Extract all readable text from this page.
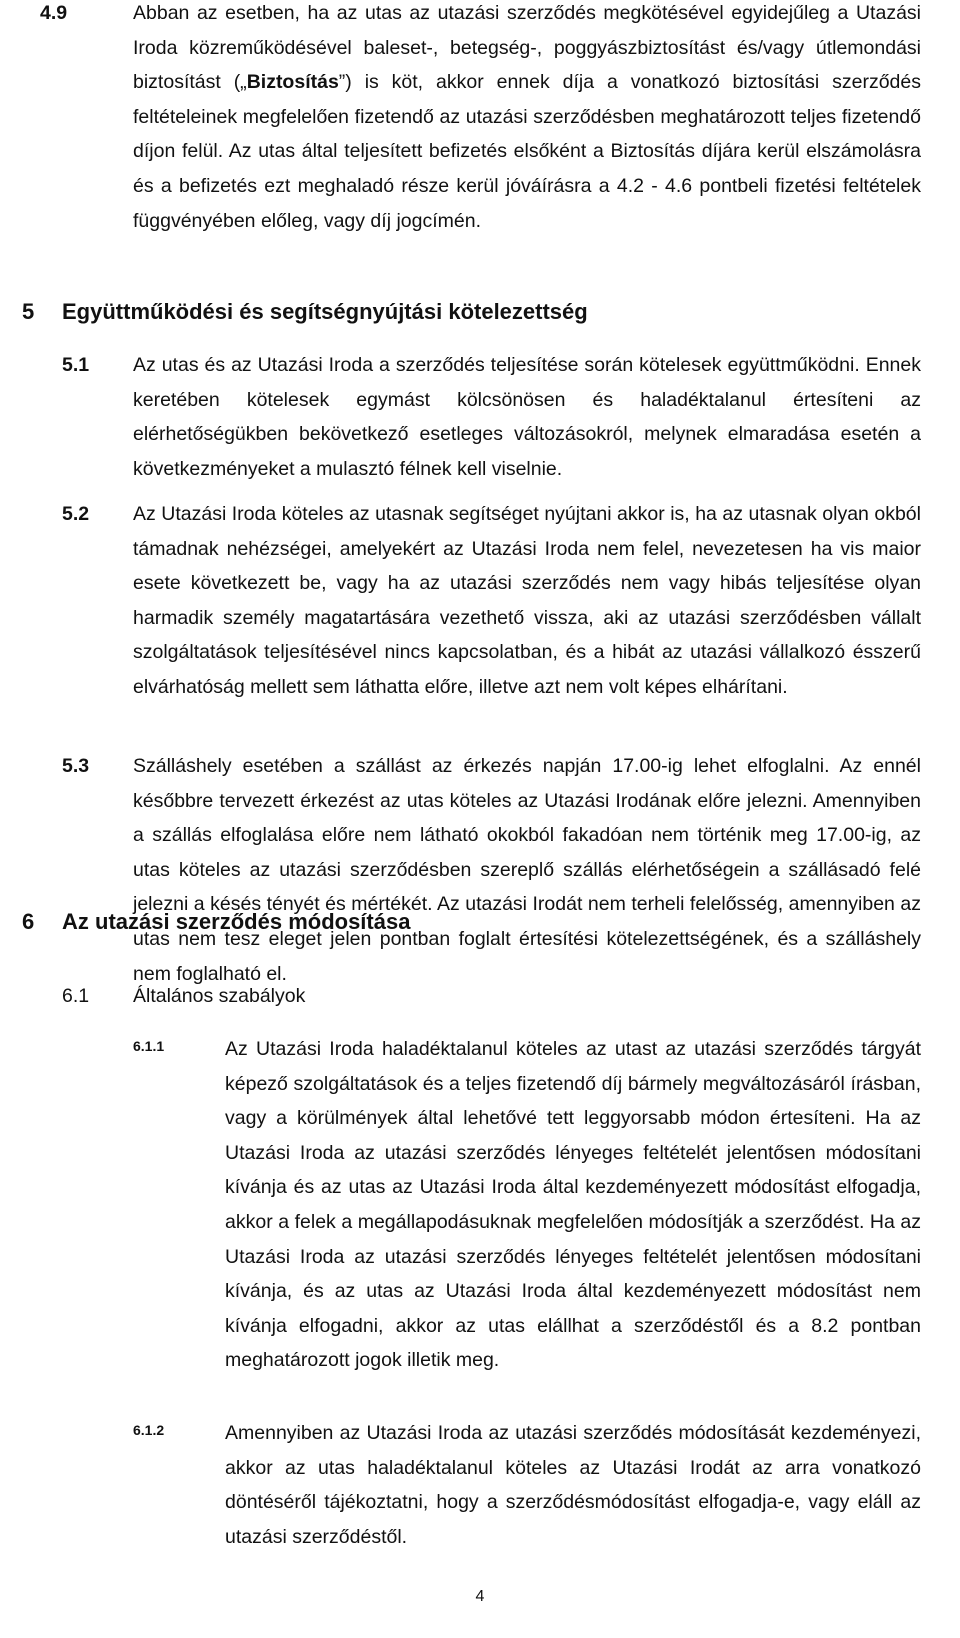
4.9	Abban az esetben, ha az utas az utazási szerződés megkötésével egyidejűleg a Utazási Iroda közreműködésével baleset-, betegség-, poggyászbiztosítást és/vagy útlemondási biztosítást („Biztosítás”) is köt, akkor ennek díja a vonatkozó biztosítási szerződés feltételeinek megfelelően fizetendő az utazási szerződésben meghatározott teljes fizetendő díjon felül. Az utas által teljesített befizetés elsőként a Biztosítás díjára kerül elszámolásra és a befizetés ezt meghaladó része kerül jóváírásra a 4.2 - 4.6 pontbeli fizetési feltételek függvényében előleg, vagy díj jogcímén.
5 Együttműködési és segítségnyújtási kötelezettség
5.1 Az utas és az Utazási Iroda a szerződés teljesítése során kötelesek együttműködni. Ennek keretében kötelesek egymást kölcsönösen és haladéktalanul értesíteni az elérhetőségükben bekövetkező esetleges változásokról, melynek elmaradása esetén a következményeket a mulasztó félnek kell viselnie.
5.2 Az Utazási Iroda köteles az utasnak segítséget nyújtani akkor is, ha az utasnak olyan okból támadnak nehézségei, amelyekért az Utazási Iroda nem felel, nevezetesen ha vis maior esete következett be, vagy ha az utazási szerződés nem vagy hibás teljesítése olyan harmadik személy magatartására vezethető vissza, aki az utazási szerződésben vállalt szolgáltatások teljesítésével nincs kapcsolatban, és a hibát az utazási vállalkozó ésszerű elvárhatóság mellett sem láthatta előre, illetve azt nem volt képes elhárítani.
5.3 Szálláshely esetében a szállást az érkezés napján 17.00-ig lehet elfoglalni. Az ennél későbbre tervezett érkezést az utas köteles az Utazási Irodának előre jelezni. Amennyiben a szállás elfoglalása előre nem látható okokból fakadóan nem történik meg 17.00-ig, az utas köteles az utazási szerződésben szereplő szállás elérhetőségein a szállásadó felé jelezni a késés tényét és mértékét. Az utazási Irodát nem terheli felelősség, amennyiben az utas nem tesz eleget jelen pontban foglalt értesítési kötelezettségének, és a szálláshely nem foglalható el.
6 Az utazási szerződés módosítása
6.1 Általános szabályok
6.1.1	Az Utazási Iroda haladéktalanul köteles az utast az utazási szerződés tárgyát képező szolgáltatások és a teljes fizetendő díj bármely megváltozásáról írásban, vagy a körülmények által lehetővé tett leggyorsabb módon értesíteni. Ha az Utazási Iroda az utazási szerződés lényeges feltételét jelentősen módosítani kívánja és az utas az Utazási Iroda által kezdeményezett módosítást elfogadja, akkor a felek a megállapodásuknak megfelelően módosítják a szerződést. Ha az Utazási Iroda az utazási szerződés lényeges feltételét jelentősen módosítani kívánja, és az utas az Utazási Iroda által kezdeményezett módosítást nem kívánja elfogadni, akkor az utas elállhat a szerződéstől és a 8.2 pontban meghatározott jogok illetik meg.
6.1.2	Amennyiben az Utazási Iroda az utazási szerződés módosítását kezdeményezi, akkor az utas haladéktalanul köteles az Utazási Irodát az arra vonatkozó döntéséről tájékoztatni, hogy a szerződésmódosítást elfogadja-e, vagy eláll az utazási szerződéstől.
4
